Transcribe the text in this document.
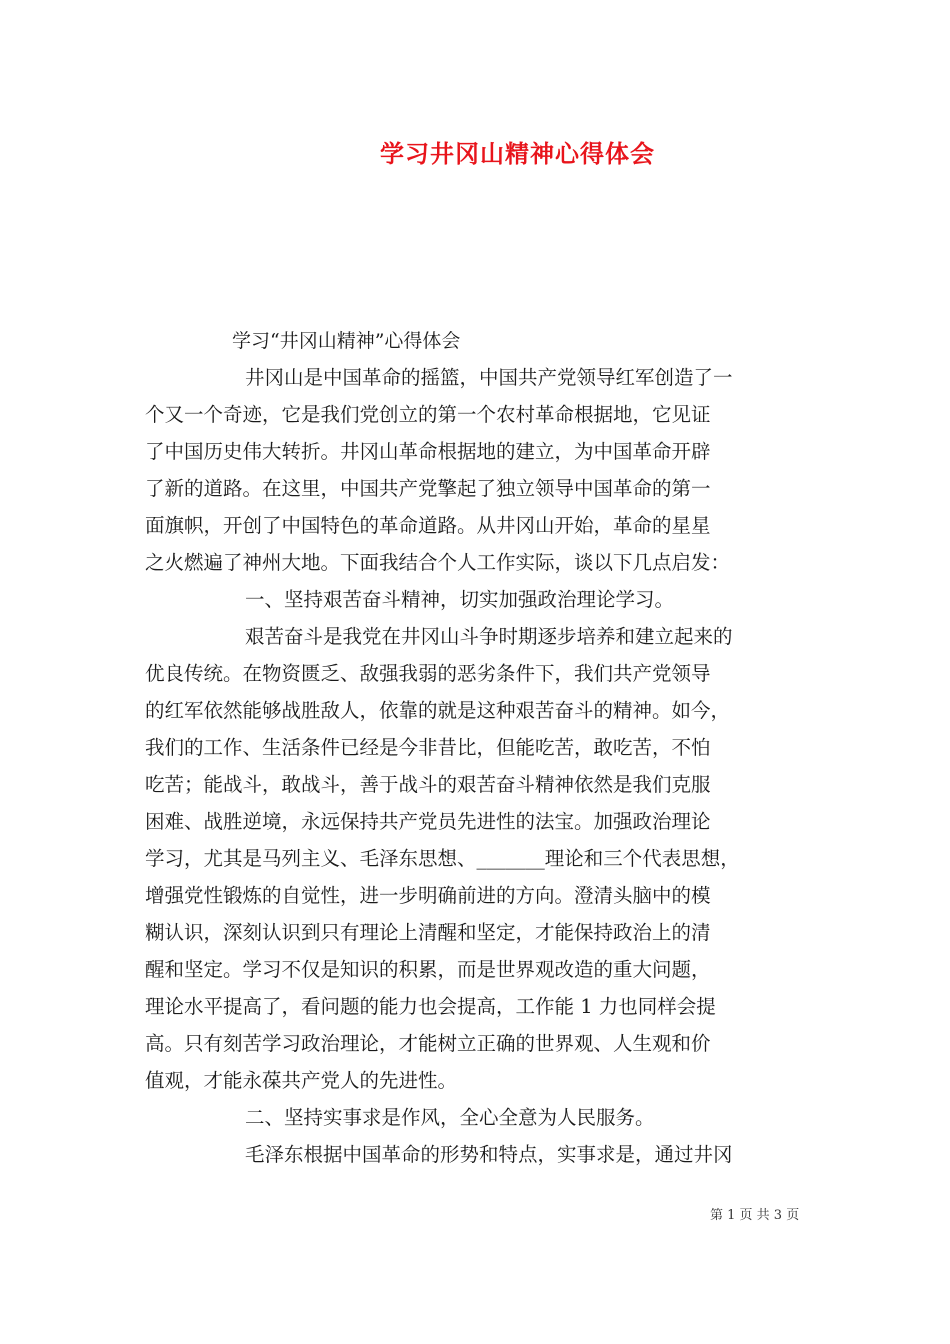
学习井冈山精神心得体会
学习“井冈山精神”心得体会
井冈山是中国革命的摇篮，中国共产党领导红军创造了一
个又一个奇迹，它是我们党创立的第一个农村革命根据地，它见证
了中国历史伟大转折。井冈山革命根据地的建立，为中国革命开辟
了新的道路。在这里，中国共产党擎起了独立领导中国革命的第一
面旗帜，开创了中国特色的革命道路。从井冈山开始，革命的星星
之火燃遍了神州大地。下面我结合个人工作实际，谈以下几点启发：
一、坚持艰苦奋斗精神，切实加强政治理论学习。
艰苦奋斗是我党在井冈山斗争时期逐步培养和建立起来的
优良传统。在物资匮乏、敌强我弱的恶劣条件下，我们共产党领导
的红军依然能够战胜敌人，依靠的就是这种艰苦奋斗的精神。如今，
我们的工作、生活条件已经是今非昔比，但能吃苦，敢吃苦，不怕
吃苦；能战斗，敢战斗，善于战斗的艰苦奋斗精神依然是我们克服
困难、战胜逆境，永远保持共产党员先进性的法宝。加强政治理论
学习，尤其是马列主义、毛泽东思想、_______理论和三个代表思想，
增强党性锻炼的自觉性，进一步明确前进的方向。澄清头脑中的模
糊认识，深刻认识到只有理论上清醒和坚定，才能保持政治上的清
醒和坚定。学习不仅是知识的积累，而是世界观改造的重大问题，
理论水平提高了，看问题的能力也会提高，工作能 1 力也同样会提
高。只有刻苦学习政治理论，才能树立正确的世界观、人生观和价
值观，才能永葆共产党人的先进性。
二、坚持实事求是作风，全心全意为人民服务。
毛泽东根据中国革命的形势和特点，实事求是，通过井冈
第 1 页 共 3 页
